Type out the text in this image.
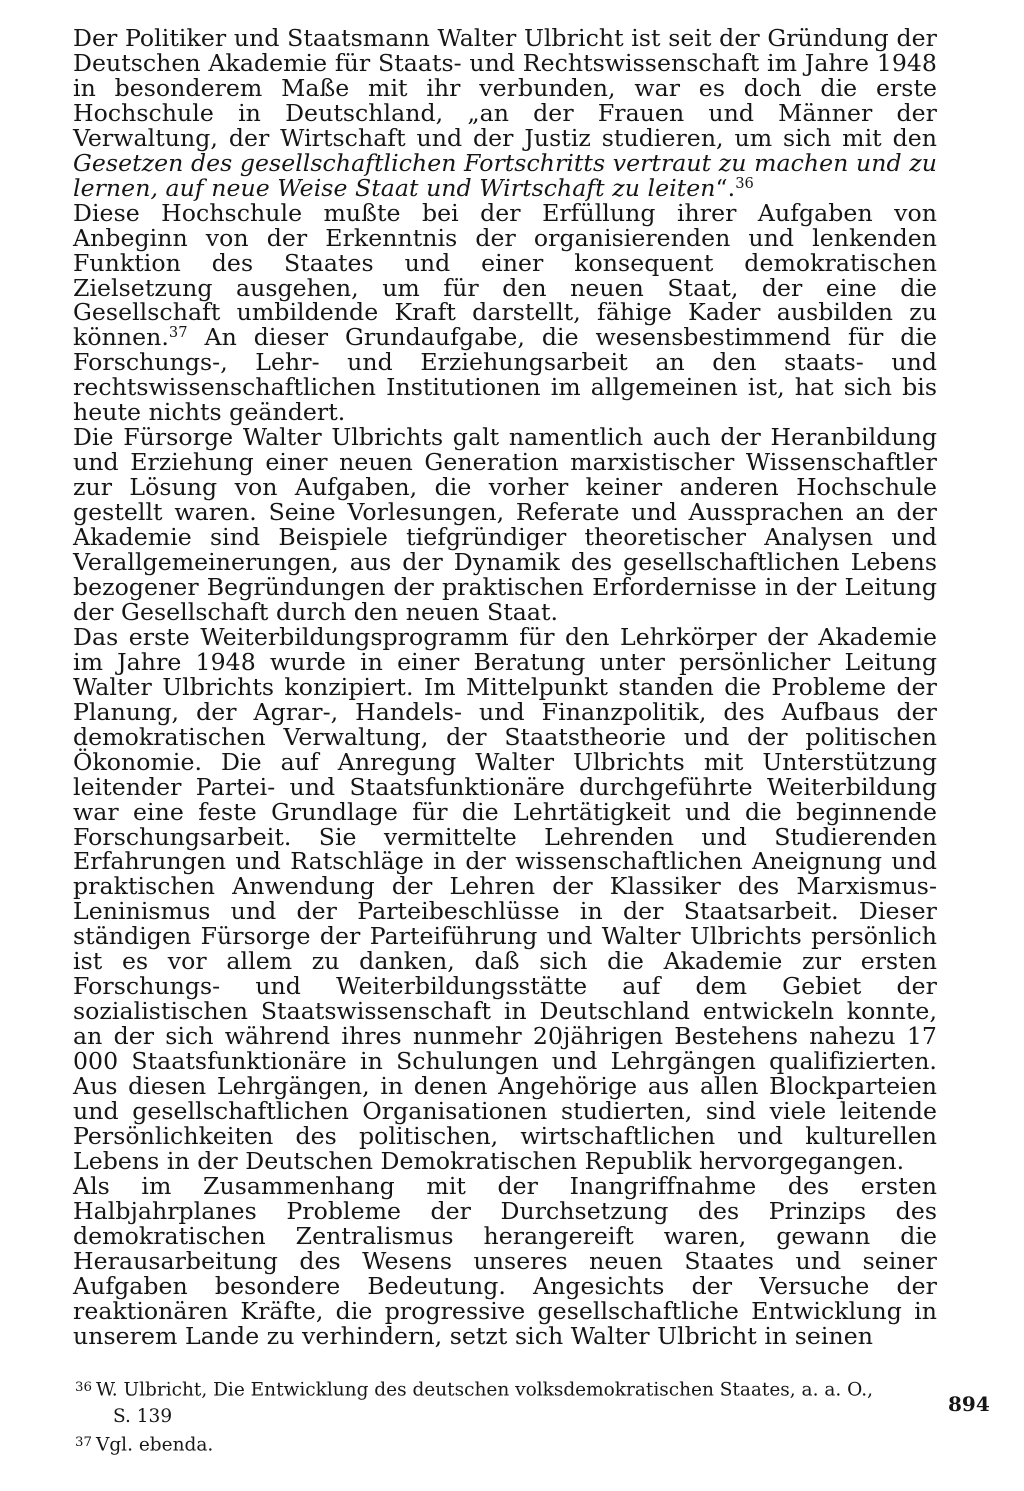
Der Politiker und Staatsmann Walter Ulbricht ist seit der Gründung der Deutschen Akademie für Staats- und Rechtswissenschaft im Jahre 1948 in besonderem Maße mit ihr verbunden, war es doch die erste Hochschule in Deutschland, „an der Frauen und Männer der Verwaltung, der Wirtschaft und der Justiz studieren, um sich mit den Gesetzen des gesellschaftlichen Fortschritts vertraut zu machen und zu lernen, auf neue Weise Staat und Wirtschaft zu leiten“.$^{36}$

Diese Hochschule mußte bei der Erfüllung ihrer Aufgaben von Anbeginn von der Erkenntnis der organisierenden und lenkenden Funktion des Staates und einer konsequent demokratischen Zielsetzung ausgehen, um für den neuen Staat, der eine die Gesellschaft umbildende Kraft darstellt, fähige Kader ausbilden zu können.$^{37}$ An dieser Grundaufgabe, die wesensbestimmend für die Forschungs-, Lehr- und Erziehungsarbeit an den staats- und rechtswissenschaftlichen Institutionen im allgemeinen ist, hat sich bis heute nichts geändert.

Die Fürsorge Walter Ulbrichts galt namentlich auch der Heranbildung und Erziehung einer neuen Generation marxistischer Wissenschaftler zur Lösung von Aufgaben, die vorher keiner anderen Hochschule gestellt waren. Seine Vorlesungen, Referate und Aussprachen an der Akademie sind Beispiele tiefgründiger theoretischer Analysen und Verallgemeinerungen, aus der Dynamik des gesellschaftlichen Lebens bezogener Begründungen der praktischen Erfordernisse in der Leitung der Gesellschaft durch den neuen Staat.

Das erste Weiterbildungsprogramm für den Lehrkörper der Akademie im Jahre 1948 wurde in einer Beratung unter persönlicher Leitung Walter Ulbrichts konzipiert. Im Mittelpunkt standen die Probleme der Planung, der Agrar-, Handels- und Finanzpolitik, des Aufbaus der demokratischen Verwaltung, der Staatstheorie und der politischen Ökonomie. Die auf Anregung Walter Ulbrichts mit Unterstützung leitender Partei- und Staatsfunktionäre durchgeführte Weiterbildung war eine feste Grundlage für die Lehrtätigkeit und die beginnende Forschungsarbeit. Sie vermittelte Lehrenden und Studierenden Erfahrungen und Ratschläge in der wissenschaftlichen Aneignung und praktischen Anwendung der Lehren der Klassiker des Marxismus-Leninismus und der Parteibeschlüsse in der Staatsarbeit. Dieser ständigen Fürsorge der Parteiführung und Walter Ulbrichts persönlich ist es vor allem zu danken, daß sich die Akademie zur ersten Forschungs- und Weiterbildungsstätte auf dem Gebiet der sozialistischen Staatswissenschaft in Deutschland entwickeln konnte, an der sich während ihres nunmehr 20jährigen Bestehens nahezu 17 000 Staatsfunktionäre in Schulungen und Lehrgängen qualifizierten. Aus diesen Lehrgängen, in denen Angehörige aus allen Blockparteien und gesellschaftlichen Organisationen studierten, sind viele leitende Persönlichkeiten des politischen, wirtschaftlichen und kulturellen Lebens in der Deutschen Demokratischen Republik hervorgegangen.

Als im Zusammenhang mit der Inangriffnahme des ersten Halbjahrplanes Probleme der Durchsetzung des Prinzips des demokratischen Zentralismus herangereift waren, gewann die Herausarbeitung des Wesens unseres neuen Staates und seiner Aufgaben besondere Bedeutung. Angesichts der Versuche der reaktionären Kräfte, die progressive gesellschaftliche Entwicklung in unserem Lande zu verhindern, setzt sich Walter Ulbricht in seinen

$^{36}$ W. Ulbricht, Die Entwicklung des deutschen volksdemokratischen Staates, a. a. O.,
S. 139
$^{37}$ Vgl. ebenda.
894
